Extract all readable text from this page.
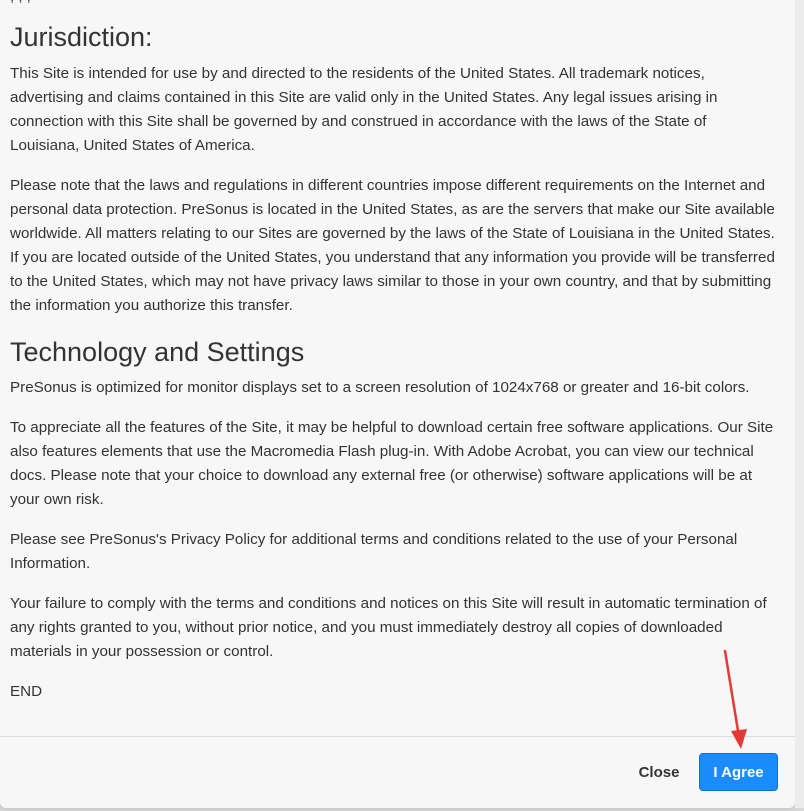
Jurisdiction:

This Site is intended for use by and directed to the residents of the United States. All trademark notices, advertising and claims contained in this Site are valid only in the United States. Any legal issues arising in connection with this Site shall be governed by and construed in accordance with the laws of the State of Louisiana, United States of America.

Please note that the laws and regulations in different countries impose different requirements on the Internet and personal data protection. PreSonus is located in the United States, as are the servers that make our Site available worldwide. All matters relating to our Sites are governed by the laws of the State of Louisiana in the United States. If you are located outside of the United States, you understand that any information you provide will be transferred to the United States, which may not have privacy laws similar to those in your own country, and that by submitting the information you authorize this transfer.

Technology and Settings

PreSonus is optimized for monitor displays set to a screen resolution of 1024x768 or greater and 16-bit colors.

To appreciate all the features of the Site, it may be helpful to download certain free software applications. Our Site also features elements that use the Macromedia Flash plug-in. With Adobe Acrobat, you can view our technical docs. Please note that your choice to download any external free (or otherwise) software applications will be at your own risk.

Please see PreSonus's Privacy Policy for additional terms and conditions related to the use of your Personal Information.

Your failure to comply with the terms and conditions and notices on this Site will result in automatic termination of any rights granted to you, without prior notice, and you must immediately destroy all copies of downloaded materials in your possession or control.

END

Close	I Agree
